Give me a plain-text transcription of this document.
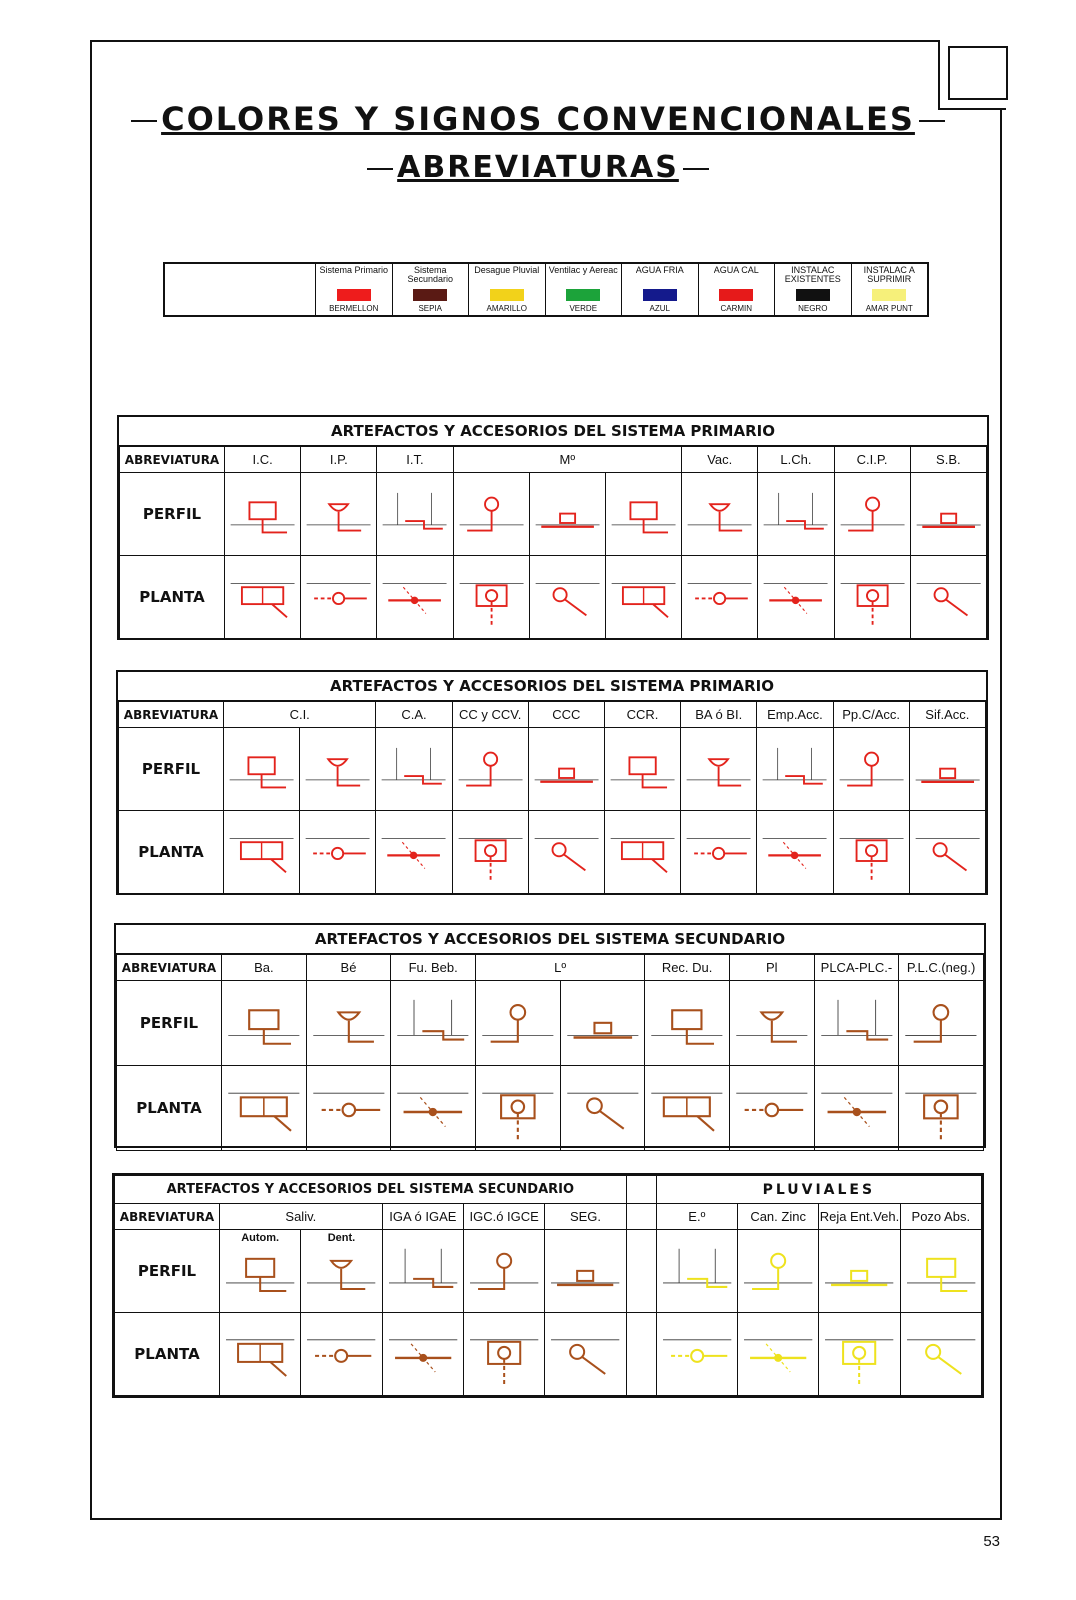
COLORES Y SIGNOS CONVENCIONALES
ABREVIATURAS
Sistema Primario
BERMELLON
Sistema Secundario
SEPIA
Desague Pluvial
AMARILLO
Ventilac y Aereac
VERDE
AGUA FRIA
AZUL
AGUA CAL
CARMIN
INSTALAC EXISTENTES
NEGRO
INSTALAC A SUPRIMIR
AMAR PUNT
ARTEFACTOS Y ACCESORIOS DEL SISTEMA PRIMARIO
ABREVIATURA	I.C.	I.P.	I.T.	Mº			Vac.	L.Ch.	C.I.P.	S.B.
PERFIL	

PLANTA	

ARTEFACTOS Y ACCESORIOS DEL SISTEMA PRIMARIO
ABREVIATURA	C.I.		C.A.	CC y CCV.	CCC	CCR.	BA ó BI.	Emp.Acc.	Pp.C/Acc.	Sif.Acc.
PERFIL	

PLANTA	

ARTEFACTOS Y ACCESORIOS DEL SISTEMA SECUNDARIO
ABREVIATURA	Ba.	Bé	Fu. Beb.	Lº		Rec. Du.	Pl	PLCA-PLC.-	P.L.C.(neg.)
PERFIL	

PLANTA	

ARTEFACTOS Y ACCESORIOS DEL SISTEMA SECUNDARIO							PLUVIALES			
ABREVIATURA	Saliv.		IGA ó IGAE	IGC.ó IGCE	SEG.		E.º	Can. Zinc	Reja Ent.Veh.	Pozo Abs.
PERFIL	Autom.	Dent.

PLANTA	

53
